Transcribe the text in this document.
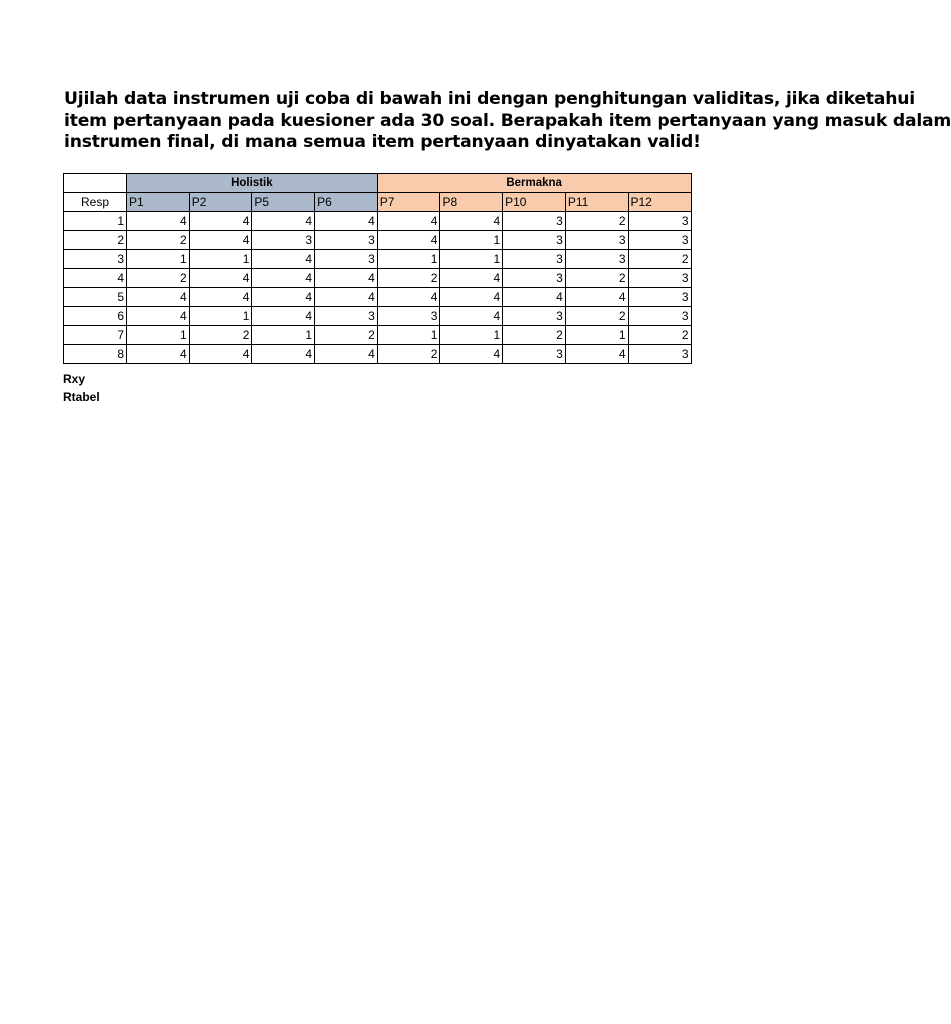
Ujilah data instrumen uji coba di bawah ini dengan penghitungan validitas, jika diketahui
item pertanyaan pada kuesioner ada 30 soal. Berapakah item pertanyaan yang masuk dalam
instrumen final, di mana semua item pertanyaan dinyatakan valid!
	Holistik				Bermakna				
Resp	P1	P2	P5	P6	P7	P8	P10	P11	P12
1	4	4	4	4	4	4	3	2	3
2	2	4	3	3	4	1	3	3	3
3	1	1	4	3	1	1	3	3	2
4	2	4	4	4	2	4	3	2	3
5	4	4	4	4	4	4	4	4	3
6	4	1	4	3	3	4	3	2	3
7	1	2	1	2	1	1	2	1	2
8	4	4	4	4	2	4	3	4	3
Rxy
Rtabel
